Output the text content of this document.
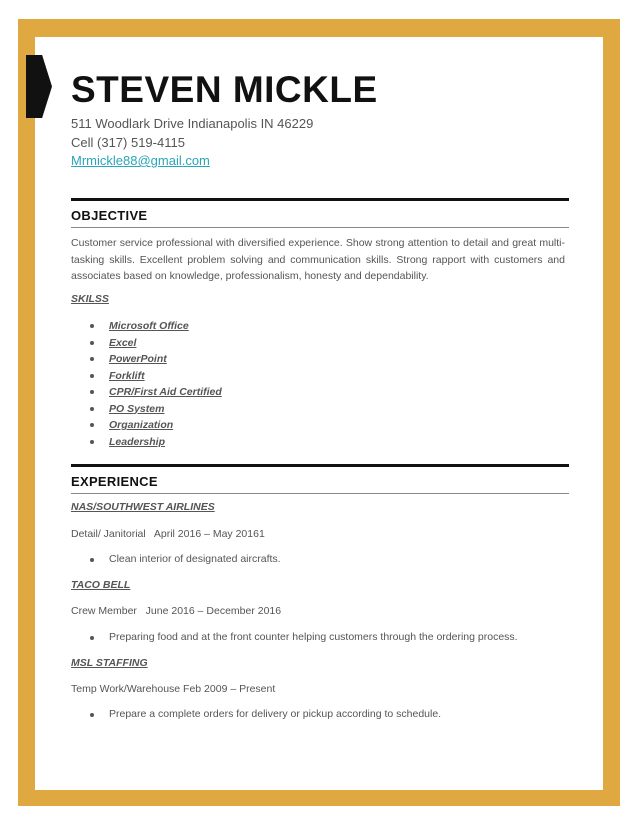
STEVEN MICKLE
511 Woodlark Drive Indianapolis IN 46229
Cell (317) 519-4115
Mrmickle88@gmail.com
OBJECTIVE
Customer service professional with diversified experience. Show strong attention to detail and great multi-tasking skills. Excellent problem solving and communication skills. Strong rapport with customers and associates based on knowledge, professionalism, honesty and dependability.
SKILSS
Microsoft Office
Excel
PowerPoint
Forklift
CPR/First Aid Certified
PO System
Organization
Leadership
EXPERIENCE
NAS/SOUTHWEST AIRLINES
Detail/ Janitorial   April 2016 – May 20161
Clean interior of designated aircrafts.
TACO BELL
Crew Member   June 2016 – December 2016
Preparing food and at the front counter helping customers through the ordering process.
MSL STAFFING
Temp Work/Warehouse Feb 2009 – Present
Prepare a complete orders for delivery or pickup according to schedule.
